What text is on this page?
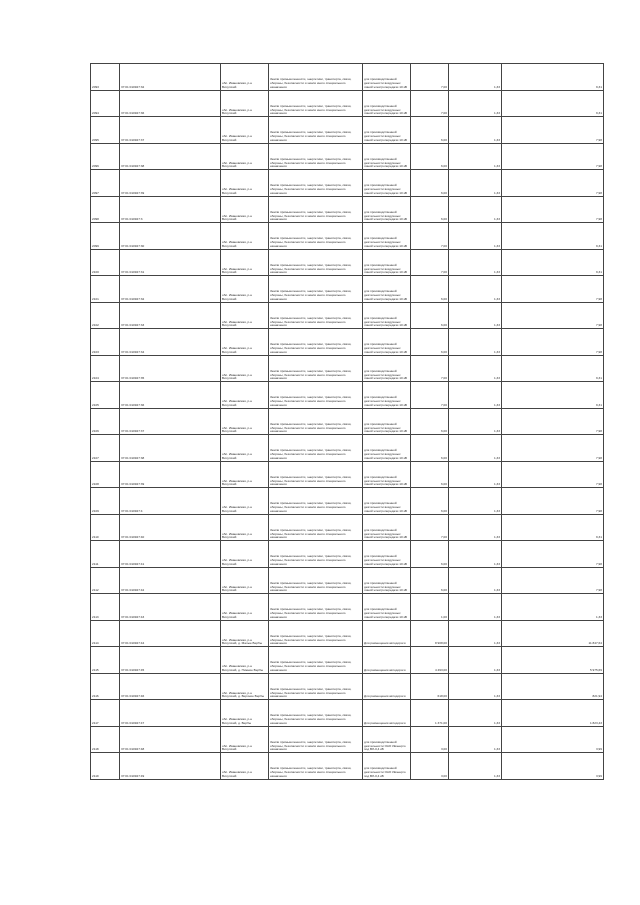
2093	37:01:010927:32	обл. Ивановская, р-н Вичугский	Земли промышленности, энергетики, транспорта, связи, обороны, безопасности и земли иного специального назначения	для производственной деятельности воздушных линий электропередачи 10 кВ	7,00	1,33	9,31
2094	37:01:010927:36	обл. Ивановская, р-н Вичугский	Земли промышленности, энергетики, транспорта, связи, обороны, безопасности и земли иного специального назначения	для производственной деятельности воздушных линий электропередачи 10 кВ	7,00	1,33	9,31
2095	37:01:010927:37	обл. Ивановская, р-н Вичугский	Земли промышленности, энергетики, транспорта, связи, обороны, безопасности и земли иного специального назначения	для производственной деятельности воздушных линий электропередачи 10 кВ	6,00	1,33	7,98
2096	37:01:010927:38	обл. Ивановская, р-н Вичугский	Земли промышленности, энергетики, транспорта, связи, обороны, безопасности и земли иного специального назначения	для производственной деятельности воздушных линий электропередачи 10 кВ	6,00	1,33	7,98
2097	37:01:010927:39	обл. Ивановская, р-н Вичугский	Земли промышленности, энергетики, транспорта, связи, обороны, безопасности и земли иного специального назначения	для производственной деятельности воздушных линий электропередачи 10 кВ	6,00	1,33	7,98
2098	37:01:010927:3	обл. Ивановская, р-н Вичугский	Земли промышленности, энергетики, транспорта, связи, обороны, безопасности и земли иного специального назначения	для производственной деятельности воздушных линий электропередачи 10 кВ	6,00	1,33	7,98
2099	37:01:010927:30	обл. Ивановская, р-н Вичугский	Земли промышленности, энергетики, транспорта, связи, обороны, безопасности и земли иного специального назначения	для производственной деятельности воздушных линий электропередачи 10 кВ	7,00	1,33	9,31
2100	37:01:010927:31	обл. Ивановская, р-н Вичугский	Земли промышленности, энергетики, транспорта, связи, обороны, безопасности и земли иного специального назначения	для производственной деятельности воздушных линий электропередачи 10 кВ	7,00	1,33	9,31
2101	37:01:010927:32	обл. Ивановская, р-н Вичугский	Земли промышленности, энергетики, транспорта, связи, обороны, безопасности и земли иного специального назначения	для производственной деятельности воздушных линий электропередачи 10 кВ	6,00	1,33	7,98
2102	37:01:010927:33	обл. Ивановская, р-н Вичугский	Земли промышленности, энергетики, транспорта, связи, обороны, безопасности и земли иного специального назначения	для производственной деятельности воздушных линий электропередачи 10 кВ	6,00	1,33	7,98
2103	37:01:010927:34	обл. Ивановская, р-н Вичугский	Земли промышленности, энергетики, транспорта, связи, обороны, безопасности и земли иного специального назначения	для производственной деятельности воздушных линий электропередачи 10 кВ	6,00	1,33	7,98
2104	37:01:010927:35	обл. Ивановская, р-н Вичугский	Земли промышленности, энергетики, транспорта, связи, обороны, безопасности и земли иного специального назначения	для производственной деятельности воздушных линий электропередачи 10 кВ	7,00	1,33	9,31
2105	37:01:010927:36	обл. Ивановская, р-н Вичугский	Земли промышленности, энергетики, транспорта, связи, обороны, безопасности и земли иного специального назначения	для производственной деятельности воздушных линий электропередачи 10 кВ	7,00	1,33	9,31
2106	37:01:010927:37	обл. Ивановская, р-н Вичугский	Земли промышленности, энергетики, транспорта, связи, обороны, безопасности и земли иного специального назначения	для производственной деятельности воздушных линий электропередачи 10 кВ	6,00	1,33	7,98
2107	37:01:010927:38	обл. Ивановская, р-н Вичугский	Земли промышленности, энергетики, транспорта, связи, обороны, безопасности и земли иного специального назначения	для производственной деятельности воздушных линий электропередачи 10 кВ	6,00	1,33	7,98
2108	37:01:010927:39	обл. Ивановская, р-н Вичугский	Земли промышленности, энергетики, транспорта, связи, обороны, безопасности и земли иного специального назначения	для производственной деятельности воздушных линий электропередачи 10 кВ	6,00	1,33	7,98
2109	37:01:010927:4	обл. Ивановская, р-н Вичугский	Земли промышленности, энергетики, транспорта, связи, обороны, безопасности и земли иного специального назначения	для производственной деятельности воздушных линий электропередачи 10 кВ	6,00	1,33	7,98
2110	37:01:010927:40	обл. Ивановская, р-н Вичугский	Земли промышленности, энергетики, транспорта, связи, обороны, безопасности и земли иного специального назначения	для производственной деятельности воздушных линий электропередачи 10 кВ	7,00	1,33	9,31
2111	37:01:010927:41	обл. Ивановская, р-н Вичугский	Земли промышленности, энергетики, транспорта, связи, обороны, безопасности и земли иного специального назначения	для производственной деятельности воздушных линий электропередачи 10 кВ	6,00	1,33	7,98
2112	37:01:010927:42	обл. Ивановская, р-н Вичугский	Земли промышленности, энергетики, транспорта, связи, обороны, безопасности и земли иного специального назначения	для производственной деятельности воздушных линий электропередачи 10 кВ	6,00	1,33	7,98
2113	37:01:010927:43	обл. Ивановская, р-н Вичугский	Земли промышленности, энергетики, транспорта, связи, обороны, безопасности и земли иного специального назначения	для производственной деятельности воздушных линий электропередачи 10 кВ	1,00	1,33	1,33
2114	37:01:010927:44	обл. Ивановская, р-н Вичугский, д. Малые Вербы	Земли промышленности, энергетики, транспорта, связи, обороны, безопасности и земли иного специального назначения	Для размещения автодороги	8 908,00	1,33	11 847,64
2115	37:01:010927:45	обл. Ивановская, р-н Вичугский, д. Нижние Вербы	Земли промышленности, энергетики, транспорта, связи, обороны, безопасности и земли иного специального назначения	Для размещения автодороги	4 493,00	1,33	5 975,69
2116	37:01:010927:46	обл. Ивановская, р-н Вичугский, д. Верхние Вербы	Земли промышленности, энергетики, транспорта, связи, обороны, безопасности и земли иного специального назначения	Для размещения автодороги	618,00	1,33	821,94
2117	37:01:010927:47	обл. Ивановская, р-н Вичугский, д. Вербы	Земли промышленности, энергетики, транспорта, связи, обороны, безопасности и земли иного специального назначения	Для размещения автодороги	1 371,00	1,33	1 823,43
2118	37:01:010927:48	обл. Ивановская, р-н Вичугский	Земли промышленности, энергетики, транспорта, связи, обороны, безопасности и земли иного специального назначения	для производственной деятельности ОАО Ивэнерго под ВЛ-0,4 кВ	3,00	1,33	3,99
2119	37:01:010927:49	обл. Ивановская, р-н Вичугский	Земли промышленности, энергетики, транспорта, связи, обороны, безопасности и земли иного специального назначения	для производственной деятельности ОАО Ивэнерго под ВЛ-0,4 кВ	3,00	1,33	3,99
